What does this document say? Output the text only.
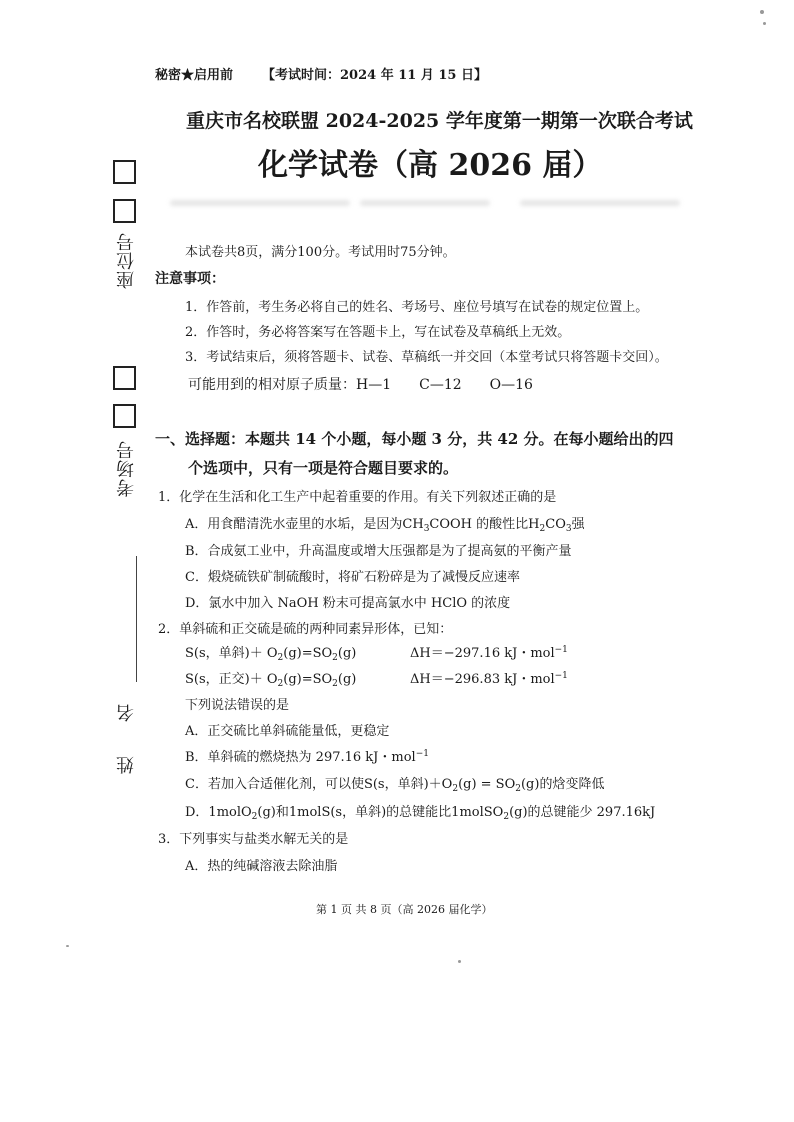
秘密★启用前 【考试时间：2024 年 11 月 15 日】
重庆市名校联盟 2024-2025 学年度第一期第一次联合考试
化学试卷（高 2026 届）
座位号
考场号
姓 名
本试卷共8页，满分100分。考试用时75分钟。
注意事项：
1．作答前，考生务必将自己的姓名、考场号、座位号填写在试卷的规定位置上。
2．作答时，务必将答案写在答题卡上，写在试卷及草稿纸上无效。
3．考试结束后，须将答题卡、试卷、草稿纸一并交回（本堂考试只将答题卡交回）。
可能用到的相对原子质量：H—1　　C—12　　O—16
一、选择题：本题共 14 个小题，每小题 3 分，共 42 分。在每小题给出的四
个选项中，只有一项是符合题目要求的。
1．化学在生活和化工生产中起着重要的作用。有关下列叙述正确的是
A．用食醋清洗水壶里的水垢，是因为$CH_3COOH$ 的酸性比$H_2CO_3$强
B．合成氨工业中，升高温度或增大压强都是为了提高氨的平衡产量
C．煅烧硫铁矿制硫酸时，将矿石粉碎是为了减慢反应速率
D．氯水中加入 NaOH 粉末可提高氯水中 HClO 的浓度
2．单斜硫和正交硫是硫的两种同素异形体，已知：
S(s，单斜)＋ $O_2(g)=SO_2(g)$	ΔH＝−297.16 kJ・mol$^{-1}$
S(s，正交)＋ $O_2(g)=SO_2(g)$	ΔH＝−296.83 kJ・mol$^{-1}$
下列说法错误的是
A．正交硫比单斜硫能量低，更稳定
B．单斜硫的燃烧热为 297.16 kJ・mol$^{-1}$
C．若加入合适催化剂，可以使S(s，单斜)$+O_2(g) = SO_2(g)$的焓变降低
D．1molO$_2$(g)和1molS(s，单斜)的总键能比1molSO$_2$(g)的总键能少 297.16kJ
3．下列事实与盐类水解无关的是
A．热的纯碱溶液去除油脂
第 1 页 共 8 页（高 2026 届化学）
